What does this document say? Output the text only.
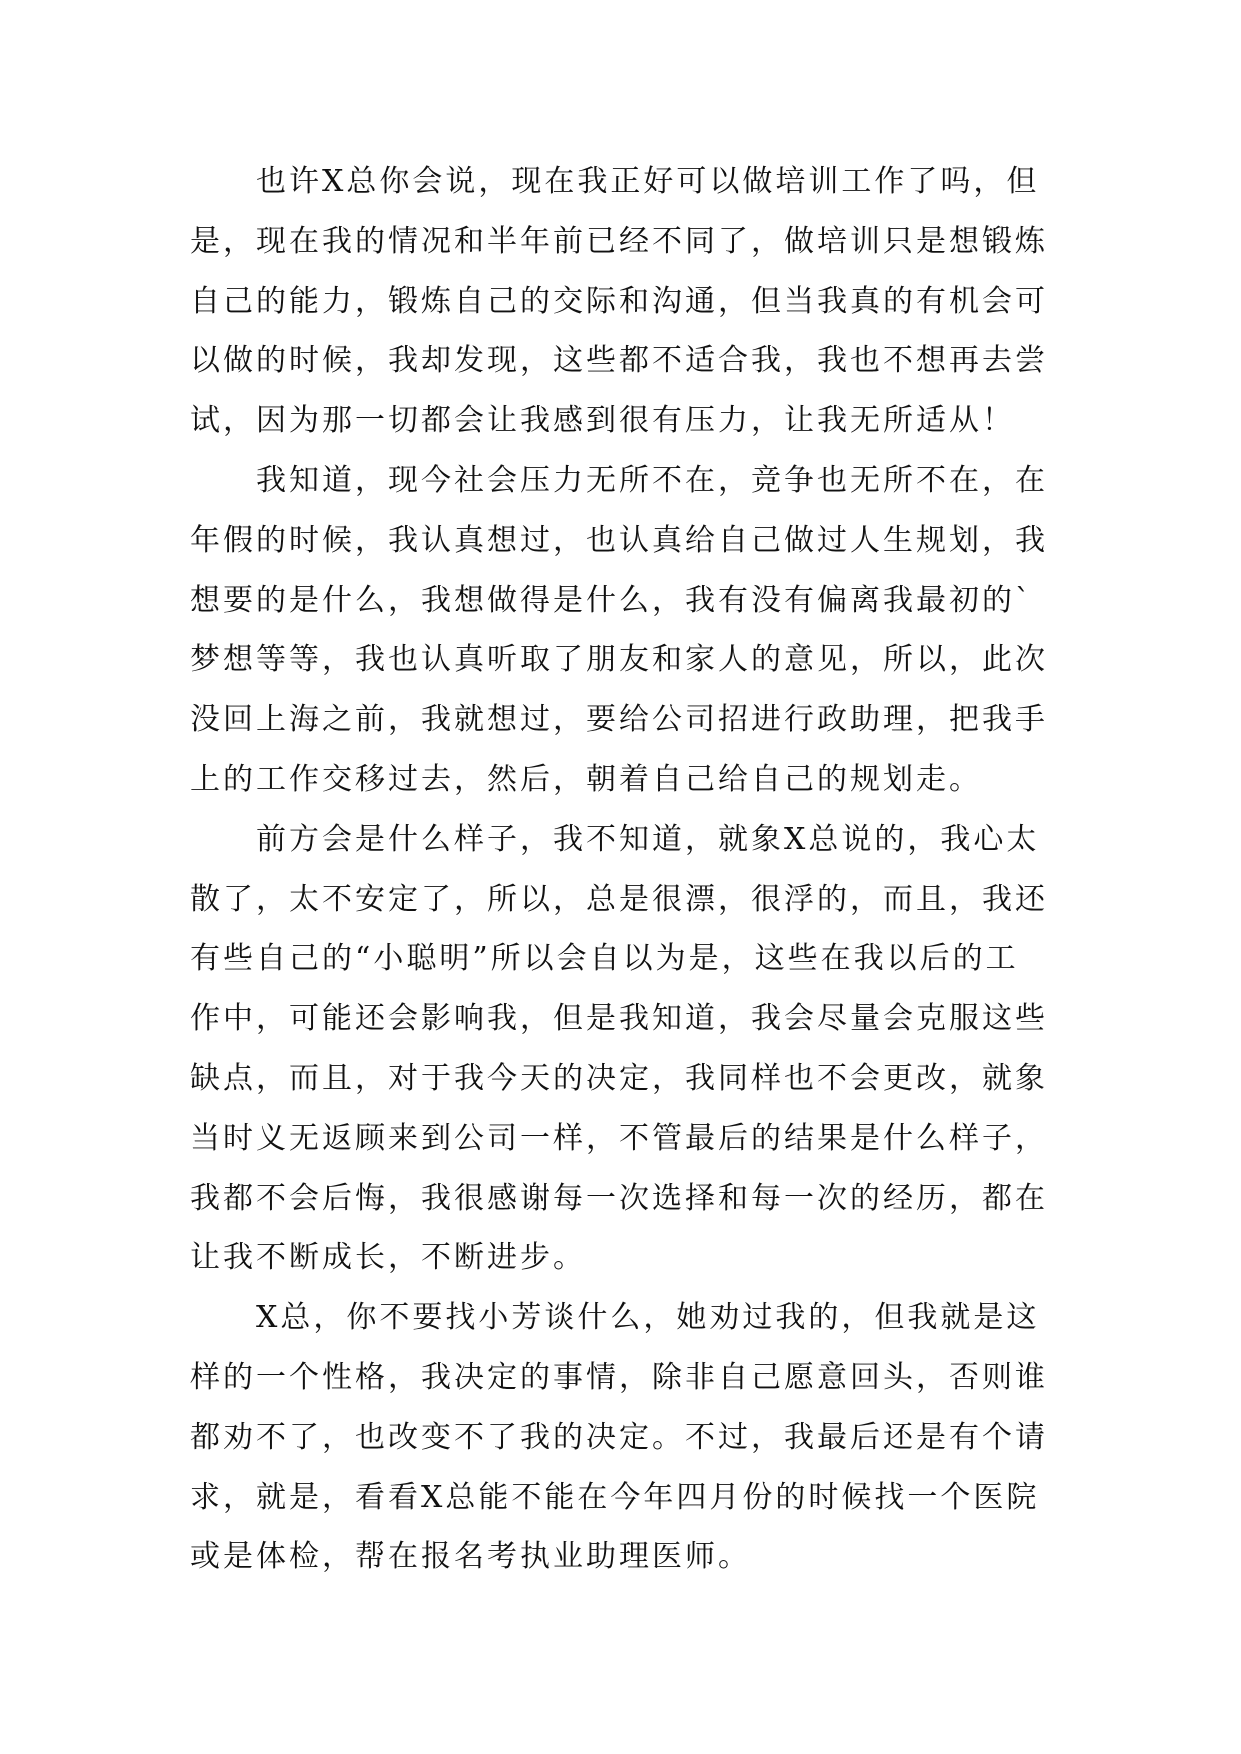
也许X总你会说，现在我正好可以做培训工作了吗，但
是，现在我的情况和半年前已经不同了，做培训只是想锻炼
自己的能力，锻炼自己的交际和沟通，但当我真的有机会可
以做的时候，我却发现，这些都不适合我，我也不想再去尝
试，因为那一切都会让我感到很有压力，让我无所适从！
我知道，现今社会压力无所不在，竞争也无所不在，在
年假的时候，我认真想过，也认真给自己做过人生规划，我
想要的是什么，我想做得是什么，我有没有偏离我最初的`
梦想等等，我也认真听取了朋友和家人的意见，所以，此次
没回上海之前，我就想过，要给公司招进行政助理，把我手
上的工作交移过去，然后，朝着自己给自己的规划走。
前方会是什么样子，我不知道，就象X总说的，我心太
散了，太不安定了，所以，总是很漂，很浮的，而且，我还
有些自己的“小聪明”所以会自以为是，这些在我以后的工
作中，可能还会影响我，但是我知道，我会尽量会克服这些
缺点，而且，对于我今天的决定，我同样也不会更改，就象
当时义无返顾来到公司一样，不管最后的结果是什么样子，
我都不会后悔，我很感谢每一次选择和每一次的经历，都在
让我不断成长，不断进步。
X总，你不要找小芳谈什么，她劝过我的，但我就是这
样的一个性格，我决定的事情，除非自己愿意回头，否则谁
都劝不了，也改变不了我的决定。不过，我最后还是有个请
求，就是，看看X总能不能在今年四月份的时候找一个医院
或是体检，帮在报名考执业助理医师。
